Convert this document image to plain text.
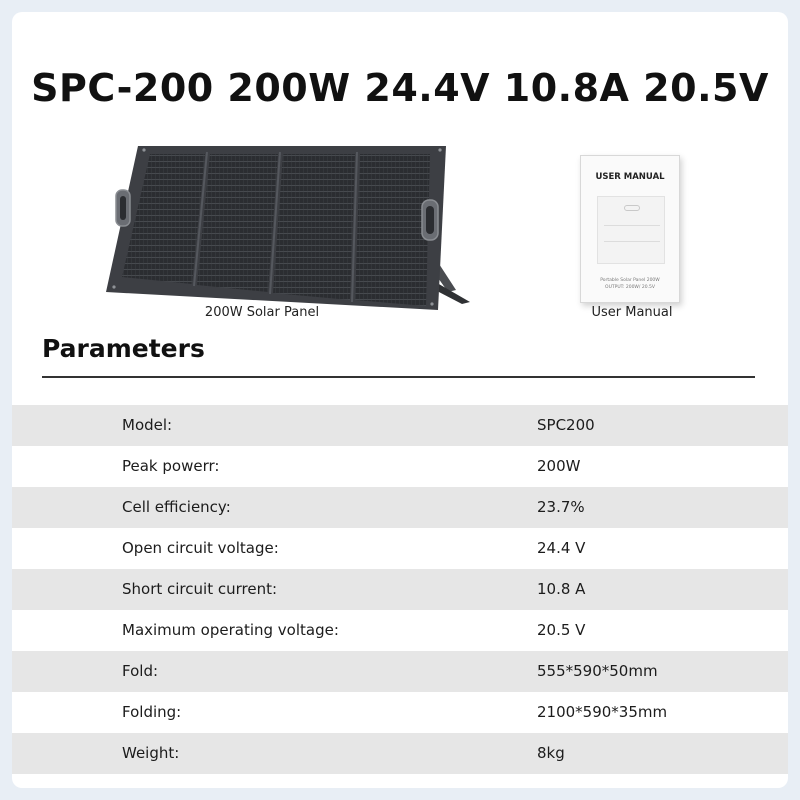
SPC-200 200W 24.4V 10.8A 20.5V
200W Solar Panel
USER MANUAL
Portable Solar Panel 200W
OUTPUT: 200W/ 20.5V
User Manual
Parameters
Model:	SPC200
Peak powerr:	200W
Cell efficiency:	23.7%
Open circuit voltage:	24.4 V
Short circuit current:	10.8 A
Maximum operating voltage:	20.5 V
Fold:	555*590*50mm
Folding:	2100*590*35mm
Weight:	8kg
